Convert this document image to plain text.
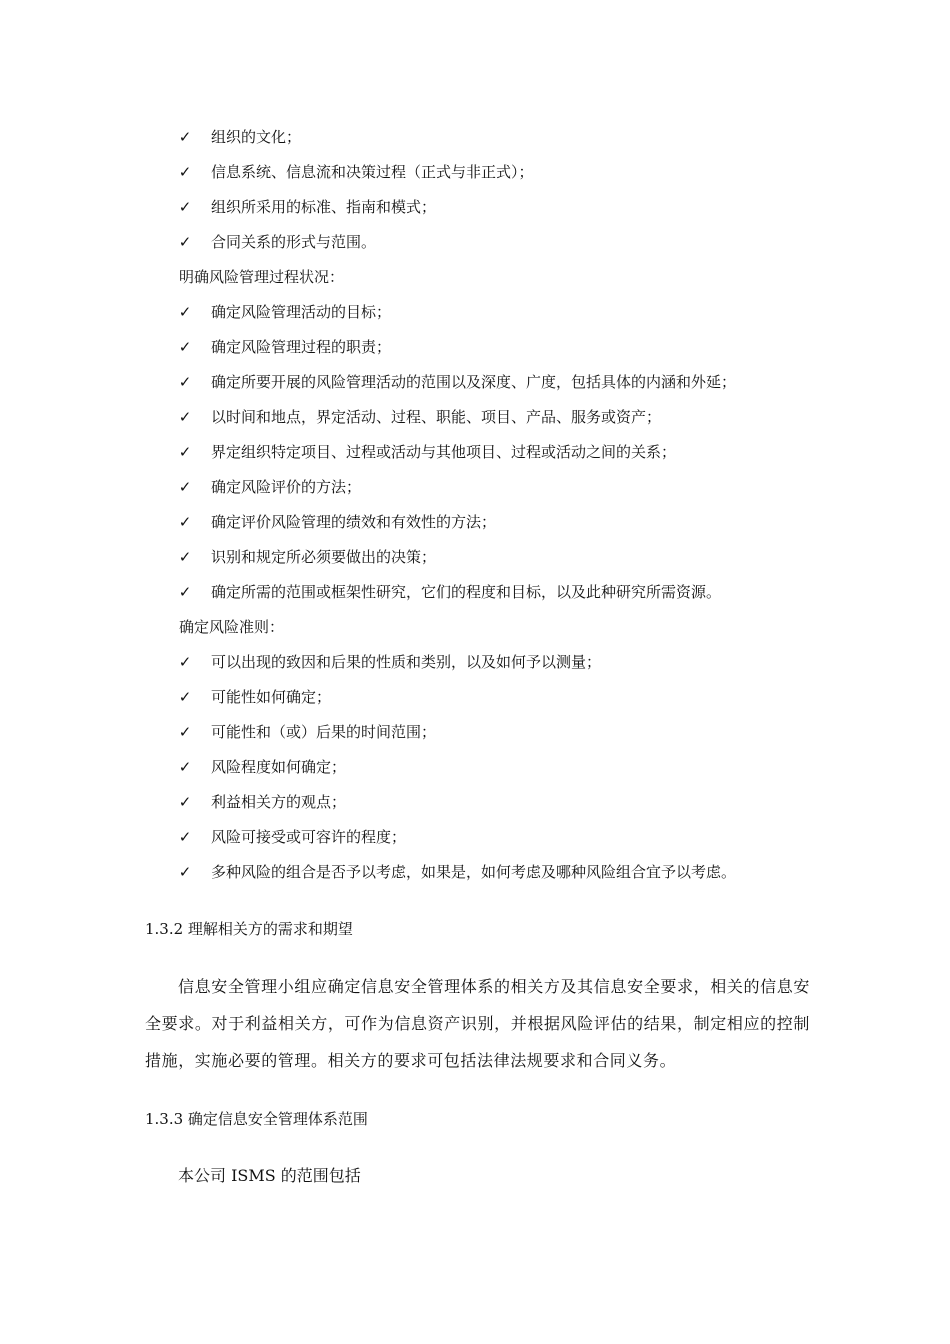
✓ 组织的文化；
✓ 信息系统、信息流和决策过程（正式与非正式）；
✓ 组织所采用的标准、指南和模式；
✓ 合同关系的形式与范围。
明确风险管理过程状况：
✓ 确定风险管理活动的目标；
✓ 确定风险管理过程的职责；
✓ 确定所要开展的风险管理活动的范围以及深度、广度，包括具体的内涵和外延；
✓ 以时间和地点，界定活动、过程、职能、项目、产品、服务或资产；
✓ 界定组织特定项目、过程或活动与其他项目、过程或活动之间的关系；
✓ 确定风险评价的方法；
✓ 确定评价风险管理的绩效和有效性的方法；
✓ 识别和规定所必须要做出的决策；
✓ 确定所需的范围或框架性研究，它们的程度和目标，以及此种研究所需资源。
确定风险准则：
✓ 可以出现的致因和后果的性质和类别，以及如何予以测量；
✓ 可能性如何确定；
✓ 可能性和（或）后果的时间范围；
✓ 风险程度如何确定；
✓ 利益相关方的观点；
✓ 风险可接受或可容许的程度；
✓ 多种风险的组合是否予以考虑，如果是，如何考虑及哪种风险组合宜予以考虑。
1.3.2 理解相关方的需求和期望

信息安全管理小组应确定信息安全管理体系的相关方及其信息安全要求，相关的信息安全要求。对于利益相关方，可作为信息资产识别，并根据风险评估的结果，制定相应的控制措施，实施必要的管理。相关方的要求可包括法律法规要求和合同义务。

1.3.3 确定信息安全管理体系范围
本公司 ISMS 的范围包括
